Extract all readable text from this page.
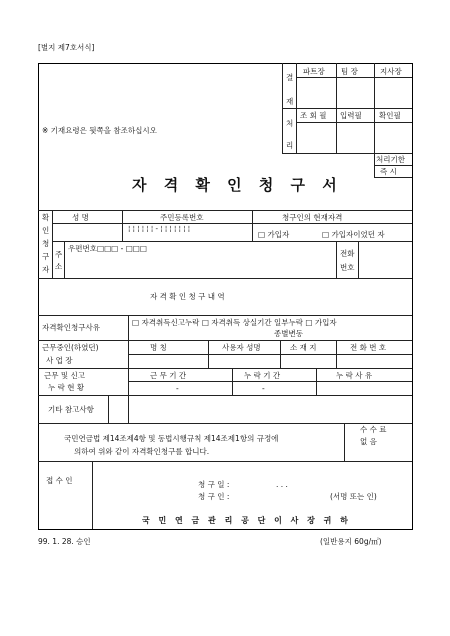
[별지 제7호서식]
결
재
처
리
파트장 팀 장	지사장
조 회 필 입력필 확인필
※ 기재요령은 뒷쪽을 참조하십시오
처리기한
즉 시
자 격 확 인 청 구 서
확
인
청
구
자
성 명	주민등록번호	청구인의 현재자격
¦ ¦ ¦ ¦ ¦ ¦ - ¦ ¦ ¦ ¦ ¦ ¦ ¦
□ 가입자	□ 가입자이었던 자
주
소
우편번호□□□ - □□□
전화
번호
자 격 확 인 청 구 내 역
자격확인청구사유
□ 자격취득신고누락 □ 자격취득 상실기간 일부누락 □ 가입자
종별변동
근무중인(하였던)
사 업 장
명 칭	사용자 성명	소 재 지	전 화 번 호
근무 및 신고
누 락 현 황
근 무 기 간	누 락 기 간	누 락 사 유
-	-
기타 참고사항
수 수 료
없 음
국민연금법 제14조제4항 및 동법시행규칙 제14조제1항의 규정에
의하여 위와 같이 자격확인청구를 합니다.
접 수 인	청 구 일 :	. . .
청 구 인 :	(서명 또는 인)
국 민 연 금 관 리 공 단 이 사 장 귀 하
99. 1. 28. 승인	(일반용지 60g/㎡)
